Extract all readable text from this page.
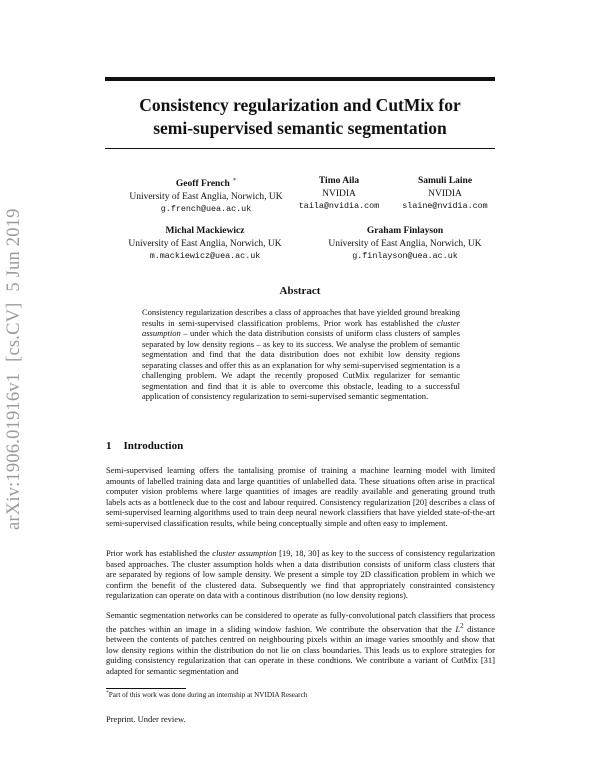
arXiv:1906.01916v1 [cs.CV] 5 Jun 2019
Consistency regularization and CutMix for
semi-supervised semantic segmentation
Geoff French *
University of East Anglia, Norwich, UK
g.french@uea.ac.uk
Timo Aila
NVIDIA
taila@nvidia.com
Samuli Laine
NVIDIA
slaine@nvidia.com
Michal Mackiewicz
University of East Anglia, Norwich, UK
m.mackiewicz@uea.ac.uk
Graham Finlayson
University of East Anglia, Norwich, UK
g.finlayson@uea.ac.uk
Abstract

Consistency regularization describes a class of approaches that have yielded ground breaking results in semi-supervised classification problems. Prior work has established the cluster assumption – under which the data distribution consists of uniform class clusters of samples separated by low density regions – as key to its success. We analyse the problem of semantic segmentation and find that the data distribution does not exhibit low density regions separating classes and offer this as an explanation for why semi-supervised segmentation is a challenging problem. We adapt the recently proposed CutMix regularizer for semantic segmentation and find that it is able to overcome this obstacle, leading to a successful application of consistency regularization to semi-supervised semantic segmentation.

1 Introduction

Semi-supervised learning offers the tantalising promise of training a machine learning model with limited amounts of labelled training data and large quantities of unlabelled data. These situations often arise in practical computer vision problems where large quantities of images are readily available and generating ground truth labels acts as a bottleneck due to the cost and labour required. Consistency regularization [20] describes a class of semi-supervised learning algorithms used to train deep neural nework classifiers that have yielded state-of-the-art semi-supervised classification results, while being conceptually simple and often easy to implement.

Prior work has established the cluster assumption [19, 18, 30] as key to the success of consistency regularization based approaches. The cluster assumption holds when a data distribution consists of uniform class clusters that are separated by regions of low sample density. We present a simple toy 2D classification problem in which we confirm the benefit of the clustered data. Subsequently we find that appropriately constrainted consistency regularization can operate on data with a continous distribution (no low density regions).

Semantic segmentation networks can be considered to operate as fully-convolutional patch classifiers that process the patches within an image in a sliding window fashion. We contribute the observation that the $L^2$ distance between the contents of patches centred on neighbouring pixels within an image varies smoothly and show that low density regions within the distribution do not lie on class boundaries. This leads us to explore strategies for guiding consistency regularization that can operate in these condtions. We contribute a variant of CutMix [31] adapted for semantic segmentation and

*Part of this work was done during an internship at NVIDIA Research

Preprint. Under review.
